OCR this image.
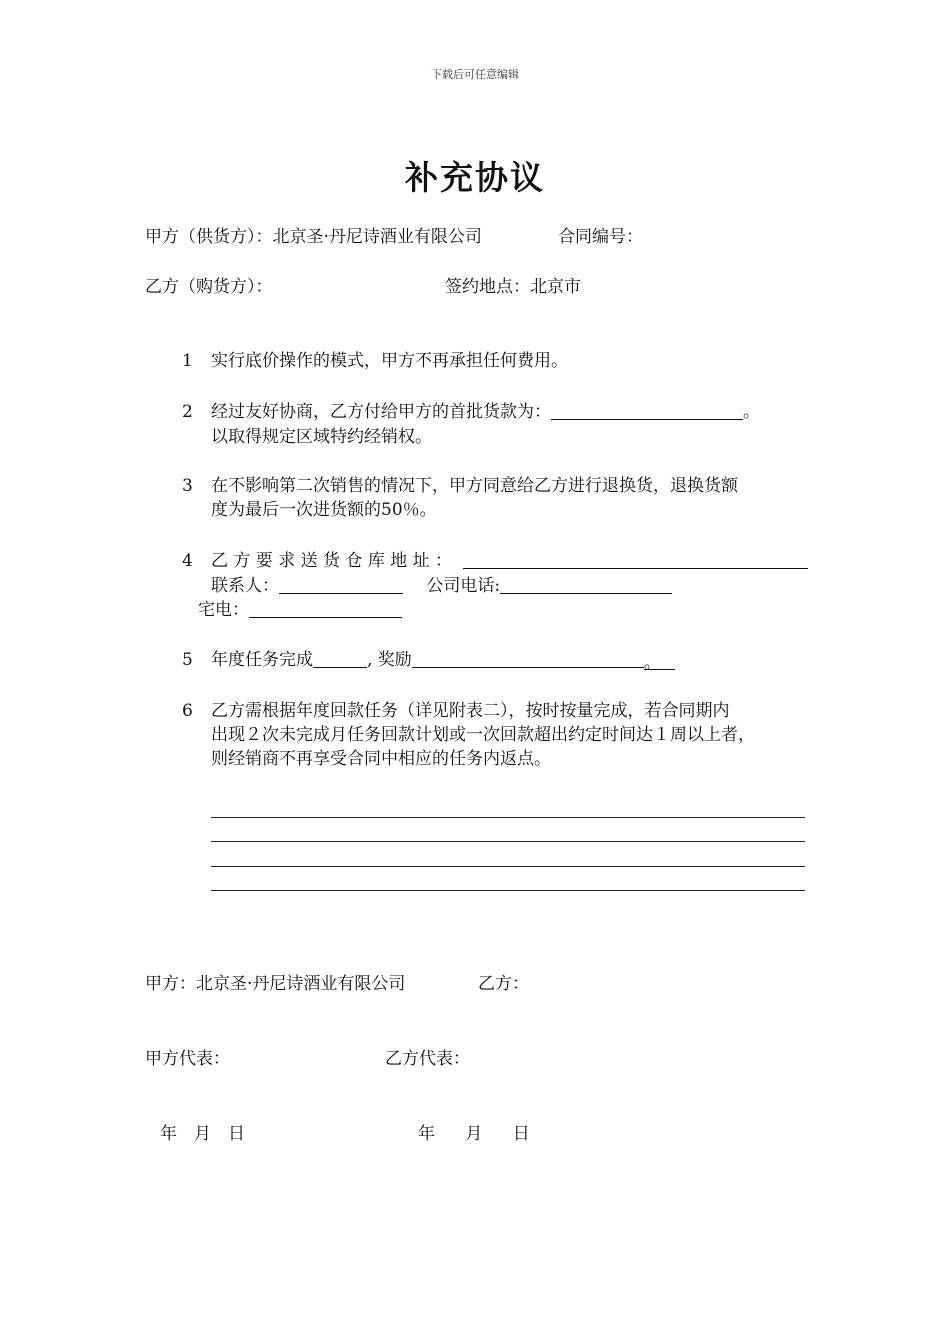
下载后可任意编辑
补充协议
甲方（供货方）：北京圣·丹尼诗酒业有限公司	合同编号：
乙方（购货方）：	签约地点：北京市
1 实行底价操作的模式，甲方不再承担任何费用。
2 经过友好协商，乙方付给甲方的首批货款为：	。
以取得规定区域特约经销权。
3 在不影响第二次销售的情况下，甲方同意给乙方进行退换货，退换货额
度为最后一次进货额的50％。
4 乙 方 要 求 送 货 仓 库 地 址 ：
联系人：	公司电话:
宅电：
5 年度任务完成	, 奖励	。
6 乙方需根据年度回款任务（详见附表二），按时按量完成，若合同期内
出现２次未完成月任务回款计划或一次回款超出约定时间达１周以上者，
则经销商不再享受合同中相应的任务内返点。
甲方：北京圣·丹尼诗酒业有限公司	乙方：
甲方代表：	乙方代表：
年　月　日	年　 月　 日
